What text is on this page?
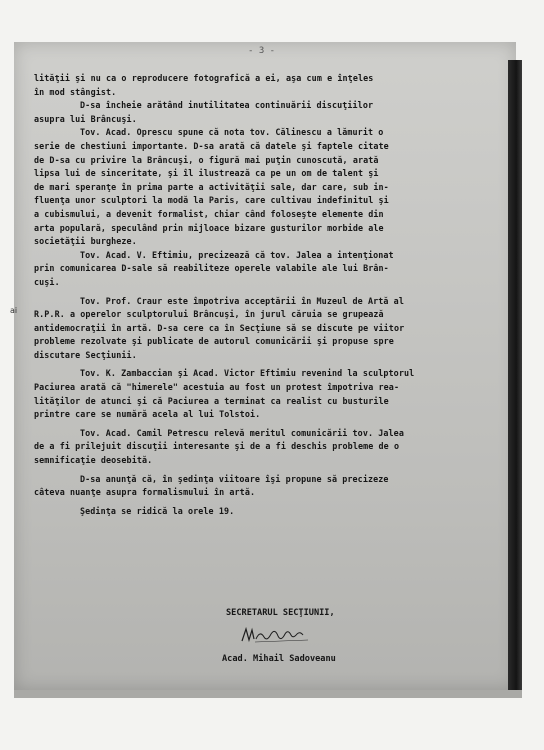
- 3 -
ai
lităţii şi nu ca o reproducere fotografică a ei, aşa cum e înţeles
în mod stângist.
D-sa încheie arătând inutilitatea continuării discuţiilor
asupra lui Brâncuşi.
Tov. Acad. Oprescu spune că nota tov. Călinescu a lămurit o
serie de chestiuni importante. D-sa arată că datele şi faptele citate
de D-sa cu privire la Brâncuşi, o figură mai puţin cunoscută, arată
lipsa lui de sinceritate, şi îl ilustrează ca pe un om de talent şi
de mari speranţe în prima parte a activităţii sale, dar care, sub in-
fluenţa unor sculptori la modă la Paris, care cultivau indefinitul şi
a cubismului, a devenit formalist, chiar când foloseşte elemente din
arta populară, speculând prin mijloace bizare gusturilor morbide ale
societăţii burgheze.
Tov. Acad. V. Eftimiu, precizează că tov. Jalea a intenţionat
prin comunicarea D-sale să reabiliteze operele valabile ale lui Brân-
cuşi.
Tov. Prof. Craur este împotriva acceptării în Muzeul de Artă al
R.P.R. a operelor sculptorului Brâncuşi, în jurul căruia se grupează
antidemocraţii în artă. D-sa cere ca în Secţiune să se discute pe viitor
probleme rezolvate şi publicate de autorul comunicării şi propuse spre
discutare Secţiunii.
Tov. K. Zambaccian şi Acad. Victor Eftimiu revenind la sculptorul
Paciurea arată că "himerele" acestuia au fost un protest împotriva rea-
lităţilor de atunci şi că Paciurea a terminat ca realist cu busturile
printre care se numără acela al lui Tolstoi.
Tov. Acad. Camil Petrescu relevă meritul comunicării tov. Jalea
de a fi prilejuit discuţii interesante şi de a fi deschis probleme de o
semnificaţie deosebită.
D-sa anunţă că, în şedinţa viitoare îşi propune să precizeze
câteva nuanţe asupra formalismului în artă.
Şedinţa se ridică la orele 19.
SECRETARUL SECŢIUNII,
Acad. Mihail Sadoveanu
